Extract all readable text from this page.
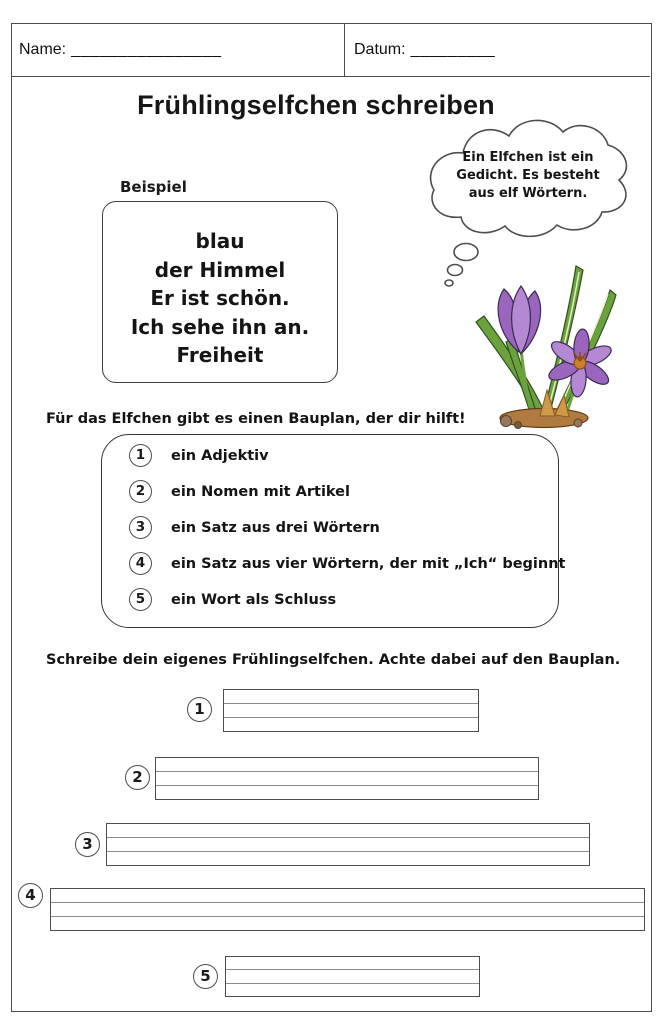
Name: ________________	Datum: _________
Frühlingselfchen schreiben
Beispiel
blau
der Himmel
Er ist schön.
Ich sehe ihn an.
Freiheit
Ein Elfchen ist ein
Gedicht. Es besteht
aus elf Wörtern.
Für das Elfchen gibt es einen Bauplan, der dir hilft!
1	ein Adjektiv
2	ein Nomen mit Artikel
3	ein Satz aus drei Wörtern
4	ein Satz aus vier Wörtern, der mit „Ich“ beginnt
5	ein Wort als Schluss
Schreibe dein eigenes Frühlingselfchen. Achte dabei auf den Bauplan.
1
2
3
4
5
